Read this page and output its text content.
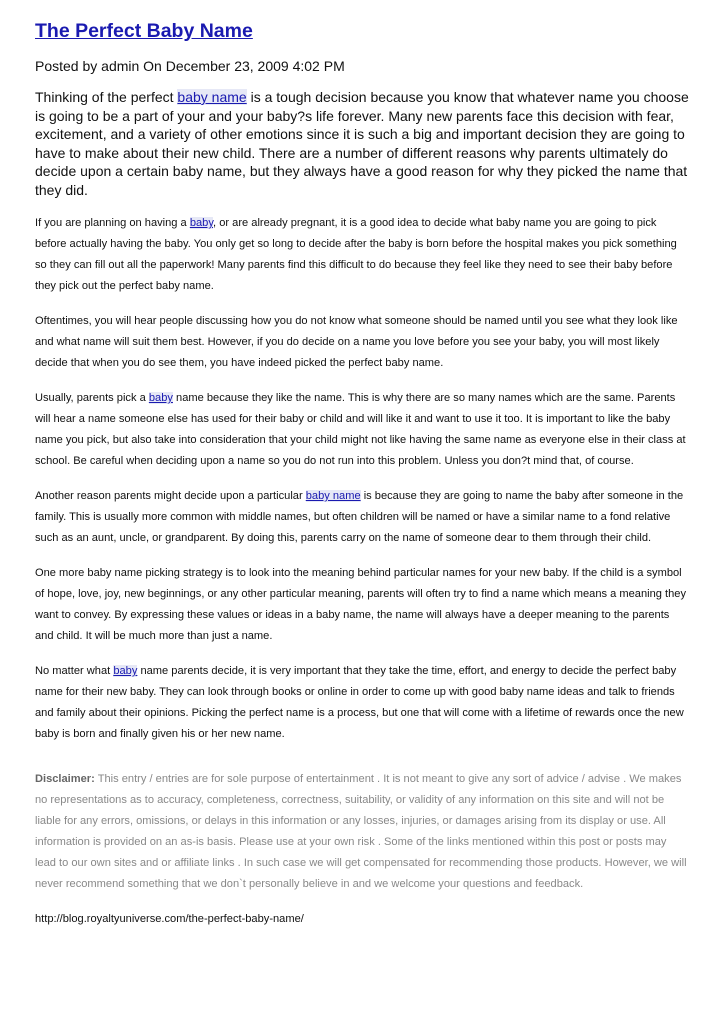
The Perfect Baby Name
Posted by admin On December 23, 2009 4:02 PM
Thinking of the perfect baby name is a tough decision because you know that whatever name you choose is going to be a part of your and your baby?s life forever. Many new parents face this decision with fear, excitement, and a variety of other emotions since it is such a big and important decision they are going to have to make about their new child. There are a number of different reasons why parents ultimately do decide upon a certain baby name, but they always have a good reason for why they picked the name that they did.
If you are planning on having a baby, or are already pregnant, it is a good idea to decide what baby name you are going to pick before actually having the baby. You only get so long to decide after the baby is born before the hospital makes you pick something so they can fill out all the paperwork! Many parents find this difficult to do because they feel like they need to see their baby before they pick out the perfect baby name.
Oftentimes, you will hear people discussing how you do not know what someone should be named until you see what they look like and what name will suit them best. However, if you do decide on a name you love before you see your baby, you will most likely decide that when you do see them, you have indeed picked the perfect baby name.
Usually, parents pick a baby name because they like the name. This is why there are so many names which are the same. Parents will hear a name someone else has used for their baby or child and will like it and want to use it too. It is important to like the baby name you pick, but also take into consideration that your child might not like having the same name as everyone else in their class at school. Be careful when deciding upon a name so you do not run into this problem. Unless you don?t mind that, of course.
Another reason parents might decide upon a particular baby name is because they are going to name the baby after someone in the family. This is usually more common with middle names, but often children will be named or have a similar name to a fond relative such as an aunt, uncle, or grandparent. By doing this, parents carry on the name of someone dear to them through their child.
One more baby name picking strategy is to look into the meaning behind particular names for your new baby. If the child is a symbol of hope, love, joy, new beginnings, or any other particular meaning, parents will often try to find a name which means a meaning they want to convey. By expressing these values or ideas in a baby name, the name will always have a deeper meaning to the parents and child. It will be much more than just a name.
No matter what baby name parents decide, it is very important that they take the time, effort, and energy to decide the perfect baby name for their new baby. They can look through books or online in order to come up with good baby name ideas and talk to friends and family about their opinions. Picking the perfect name is a process, but one that will come with a lifetime of rewards once the new baby is born and finally given his or her new name.
Disclaimer: This entry / entries are for sole purpose of entertainment . It is not meant to give any sort of advice / advise . We makes no representations as to accuracy, completeness, correctness, suitability, or validity of any information on this site and will not be liable for any errors, omissions, or delays in this information or any losses, injuries, or damages arising from its display or use. All information is provided on an as-is basis. Please use at your own risk . Some of the links mentioned within this post or posts may lead to our own sites and or affiliate links . In such case we will get compensated for recommending those products. However, we will never recommend something that we don`t personally believe in and we welcome your questions and feedback.
http://blog.royaltyuniverse.com/the-perfect-baby-name/
